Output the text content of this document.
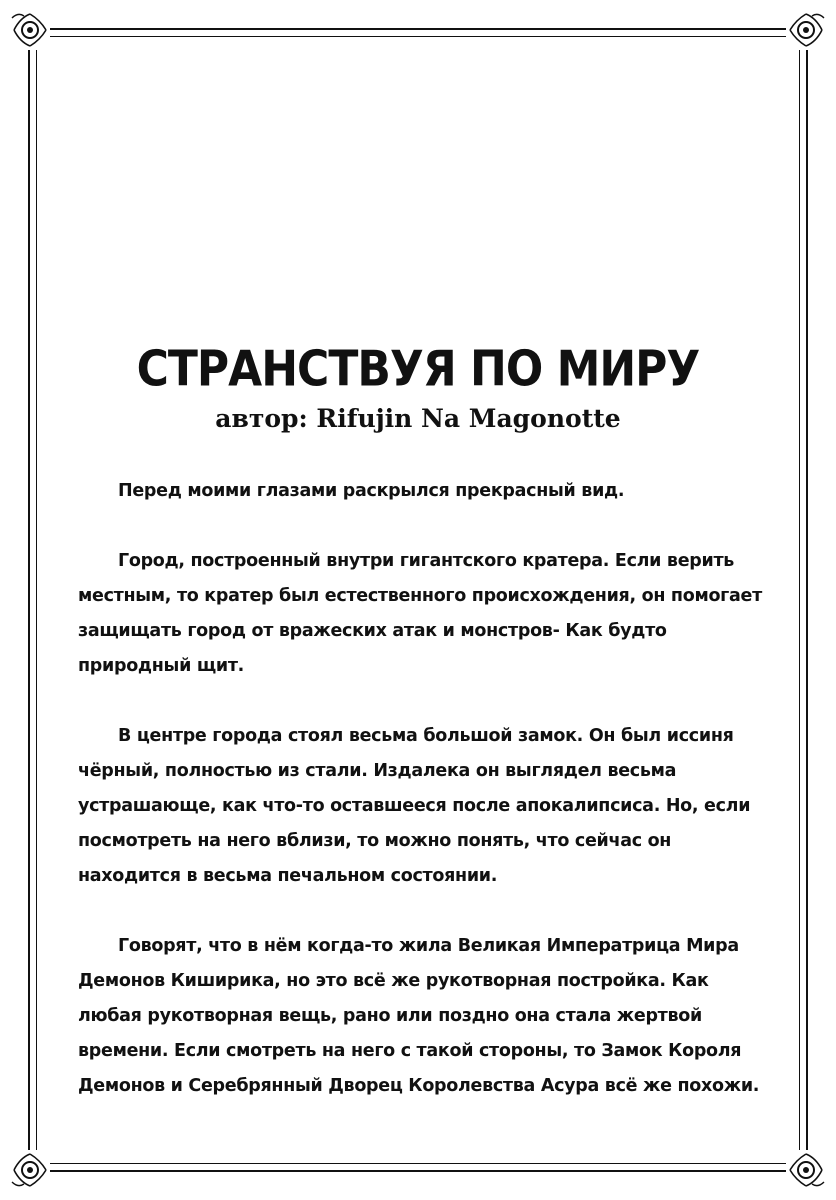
СТРАНСТВУЯ ПО МИРУ
автор: Rifujin Na Magonotte

Перед моими глазами раскрылся прекрасный вид.

Город, построенный внутри гигантского кратера. Если верить местным, то кратер был естественного происхождения, он помогает защищать город от вражеских атак и монстров- Как будто природный щит.

В центре города стоял весьма большой замок. Он был иссиня чёрный, полностью из стали. Издалека он выглядел весьма устрашающе, как что-то оставшееся после апокалипсиса. Но, если посмотреть на него вблизи, то можно понять, что сейчас он находится в весьма печальном состоянии.

Говорят, что в нём когда-то жила Великая Императрица Мира Демонов Киширика, но это всё же рукотворная постройка. Как любая рукотворная вещь, рано или поздно она стала жертвой времени. Если смотреть на него с такой стороны, то Замок Короля Демонов и Серебрянный Дворец Королевства Асура всё же похожи.
